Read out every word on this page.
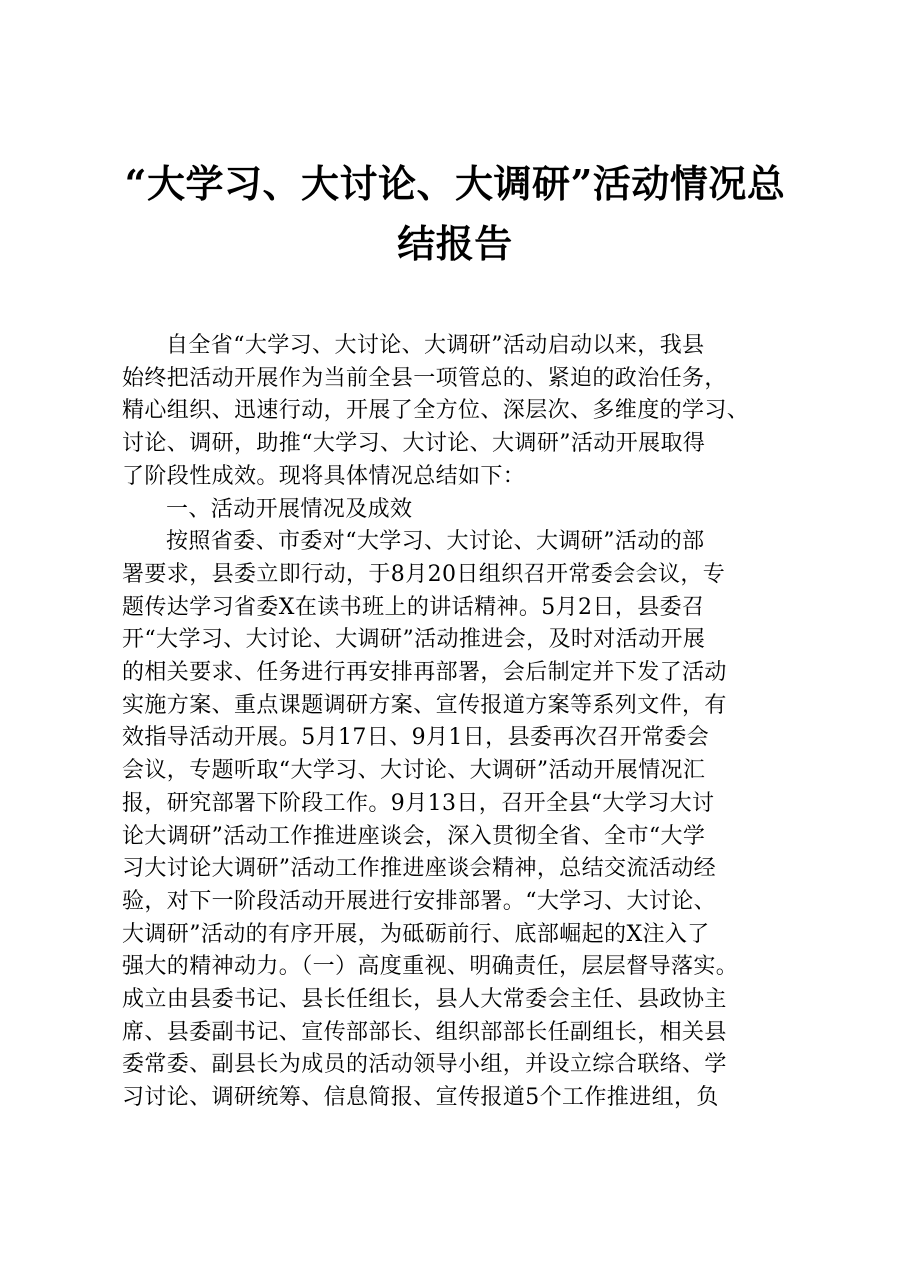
“大学习、大讨论、大调研”活动情况总结报告

自全省“大学习、大讨论、大调研”活动启动以来，我县
始终把活动开展作为当前全县一项管总的、紧迫的政治任务，
精心组织、迅速行动，开展了全方位、深层次、多维度的学习、
讨论、调研，助推“大学习、大讨论、大调研”活动开展取得
了阶段性成效。现将具体情况总结如下：

一、活动开展情况及成效

按照省委、市委对“大学习、大讨论、大调研”活动的部
署要求，县委立即行动，于8月20日组织召开常委会会议，专
题传达学习省委X在读书班上的讲话精神。5月2日，县委召
开“大学习、大讨论、大调研”活动推进会，及时对活动开展
的相关要求、任务进行再安排再部署，会后制定并下发了活动
实施方案、重点课题调研方案、宣传报道方案等系列文件，有
效指导活动开展。5月17日、9月1日，县委再次召开常委会
会议，专题听取“大学习、大讨论、大调研”活动开展情况汇
报，研究部署下阶段工作。9月13日，召开全县“大学习大讨
论大调研”活动工作推进座谈会，深入贯彻全省、全市“大学
习大讨论大调研”活动工作推进座谈会精神，总结交流活动经
验，对下一阶段活动开展进行安排部署。“大学习、大讨论、
大调研”活动的有序开展，为砥砺前行、底部崛起的X注入了
强大的精神动力。（一）高度重视、明确责任，层层督导落实。
成立由县委书记、县长任组长，县人大常委会主任、县政协主
席、县委副书记、宣传部部长、组织部部长任副组长，相关县
委常委、副县长为成员的活动领导小组，并设立综合联络、学
习讨论、调研统筹、信息简报、宣传报道5个工作推进组，负
